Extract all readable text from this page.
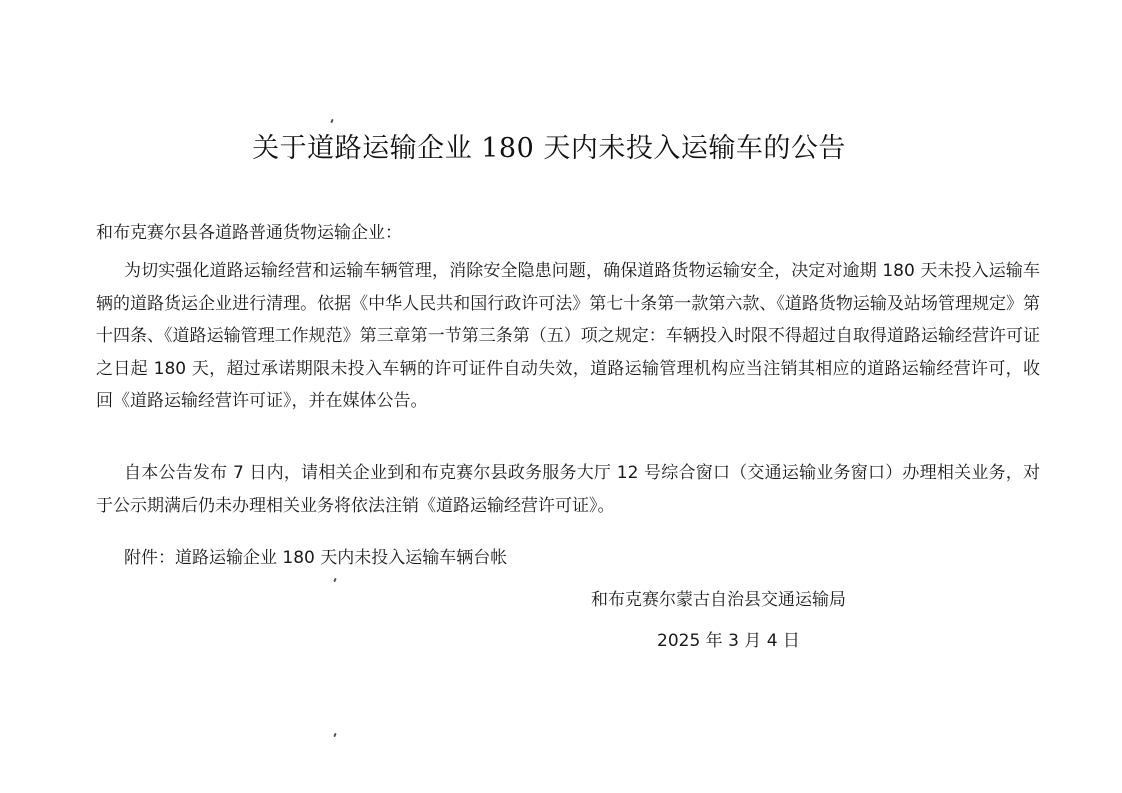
关于道路运输企业 180 天内未投入运输车的公告
和布克赛尔县各道路普通货物运输企业：
为切实强化道路运输经营和运输车辆管理，消除安全隐患问题，确保道路货物运输安全，决定对逾期 180 天未投入运输车辆的道路货运企业进行清理。依据《中华人民共和国行政许可法》第七十条第一款第六款、《道路货物运输及站场管理规定》第十四条、《道路运输管理工作规范》第三章第一节第三条第（五）项之规定：车辆投入时限不得超过自取得道路运输经营许可证之日起 180 天，超过承诺期限未投入车辆的许可证件自动失效，道路运输管理机构应当注销其相应的道路运输经营许可，收回《道路运输经营许可证》，并在媒体公告。
自本公告发布 7 日内，请相关企业到和布克赛尔县政务服务大厅 12 号综合窗口（交通运输业务窗口）办理相关业务，对于公示期满后仍未办理相关业务将依法注销《道路运输经营许可证》。
附件：道路运输企业 180 天内未投入运输车辆台帐
和布克赛尔蒙古自治县交通运输局
2025 年 3 月 4 日
